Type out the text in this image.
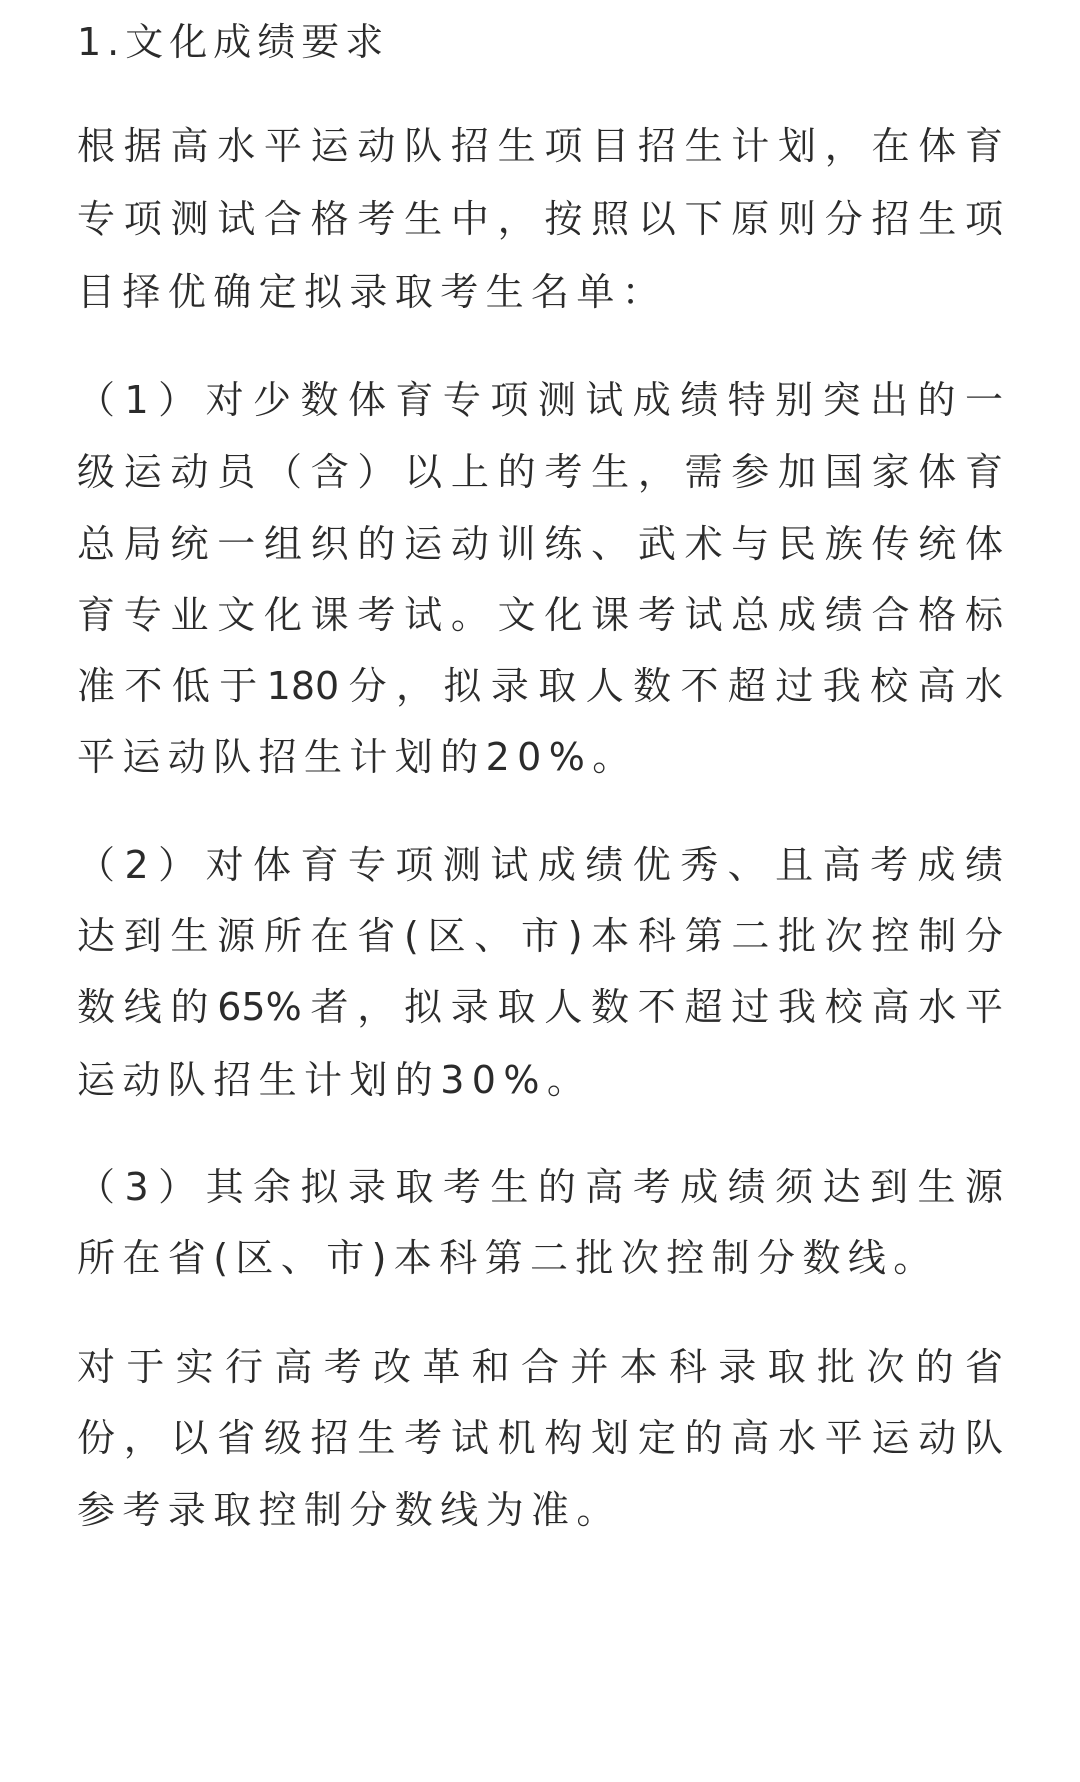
1.文化成绩要求
根据高水平运动队招生项目招生计划，在体育
专项测试合格考生中，按照以下原则分招生项
目择优确定拟录取考生名单：
（1）对少数体育专项测试成绩特别突出的一
级运动员（含）以上的考生，需参加国家体育
总局统一组织的运动训练、武术与民族传统体
育专业文化课考试。文化课考试总成绩合格标
准不低于180分，拟录取人数不超过我校高水
平运动队招生计划的20%。
（2）对体育专项测试成绩优秀、且高考成绩
达到生源所在省(区、市)本科第二批次控制分
数线的65%者，拟录取人数不超过我校高水平
运动队招生计划的30%。
（3）其余拟录取考生的高考成绩须达到生源
所在省(区、市)本科第二批次控制分数线。
对于实行高考改革和合并本科录取批次的省
份，以省级招生考试机构划定的高水平运动队
参考录取控制分数线为准。
